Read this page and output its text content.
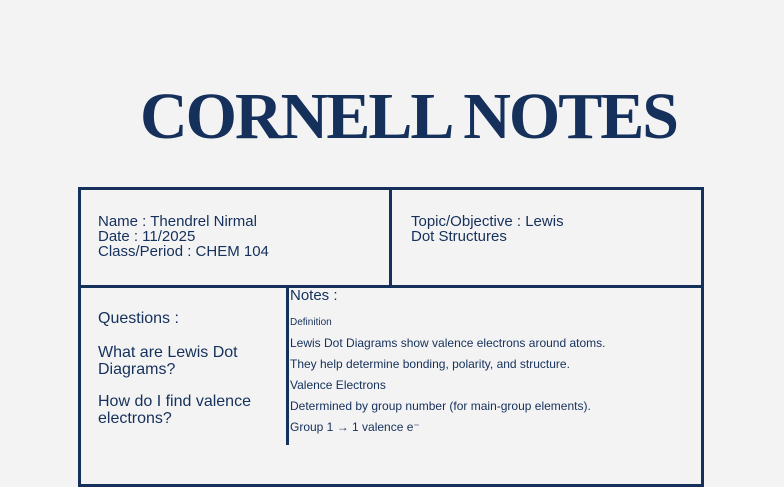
CORNELL NOTES
Name : Thendrel Nirmal
Date : 11/2025
Class/Period : CHEM 104
Topic/Objective : Lewis
Dot Structures
Questions :
What are Lewis Dot Diagrams?
How do I find valence electrons?
Notes :
Definition
Lewis Dot Diagrams show valence electrons around atoms.
They help determine bonding, polarity, and structure.
Valence Electrons
Determined by group number (for main-group elements).
Group 1 → 1 valence e⁻
